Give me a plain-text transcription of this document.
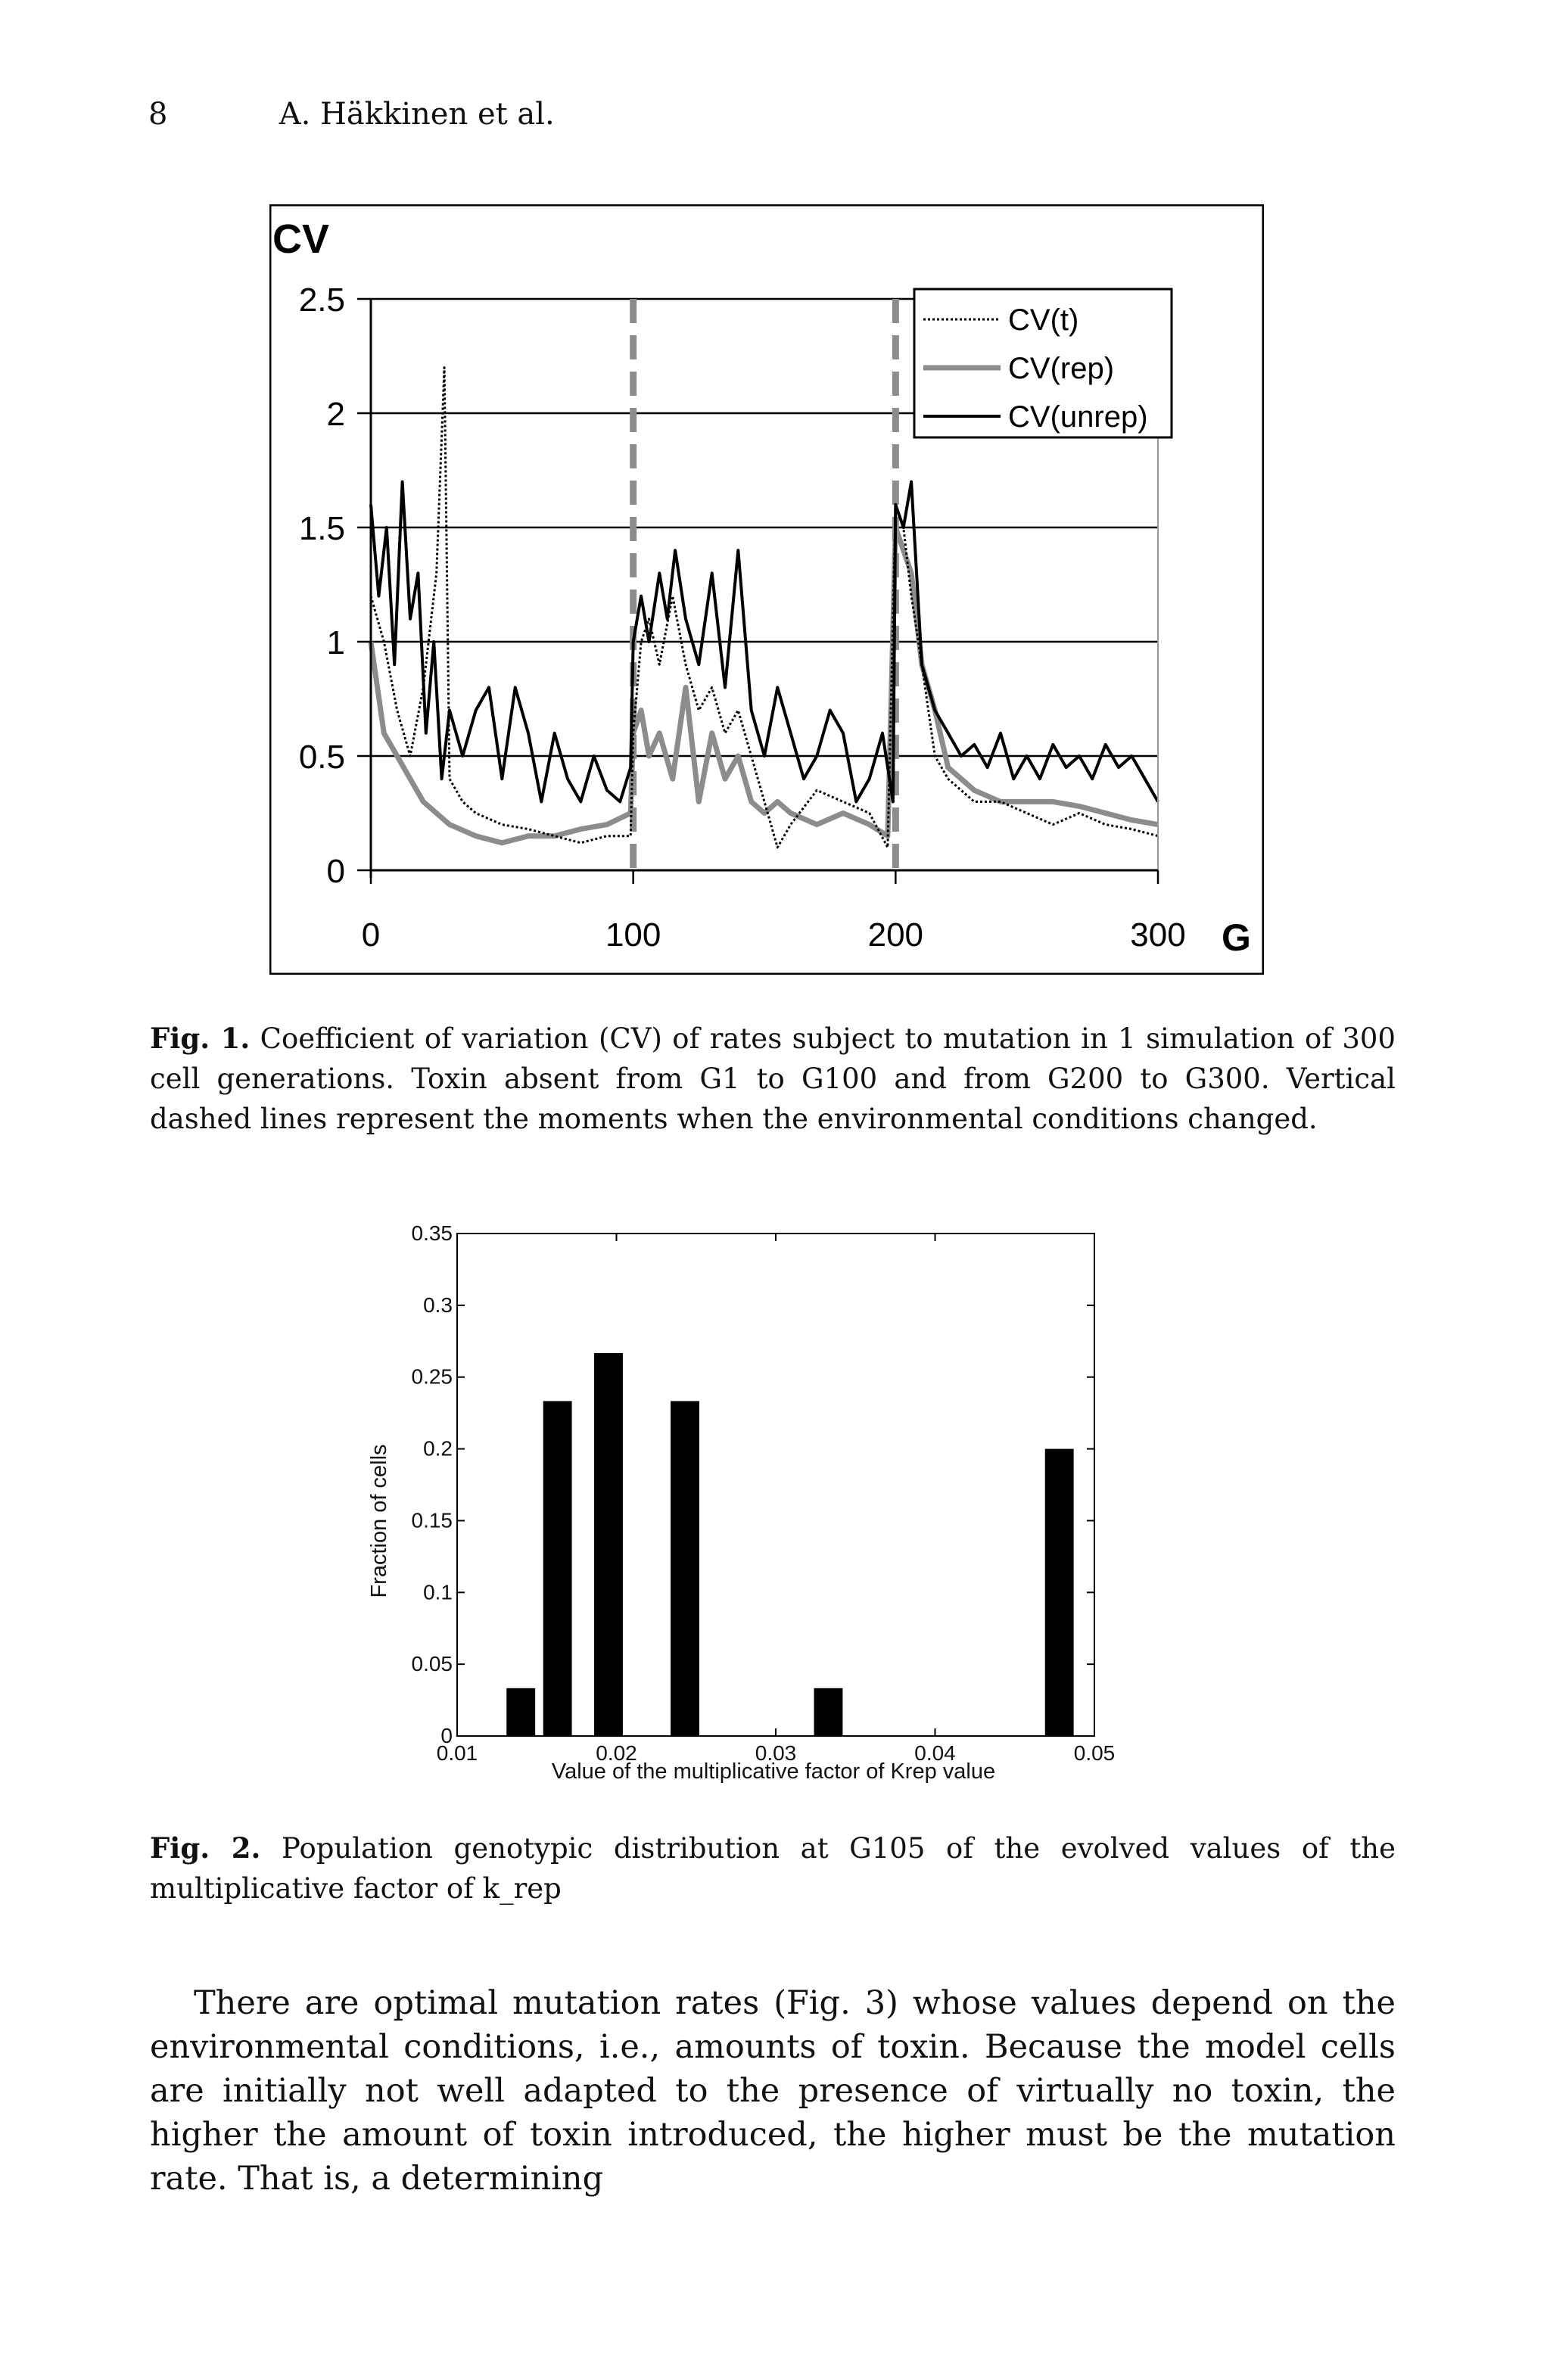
8	A. Häkkinen et al.
0
0.5
1
1.5
2
2.5
0	100	200	300
CV
G
CV(t)
CV(rep)
CV(unrep)
Fig. 1. Coefficient of variation (CV) of rates subject to mutation in 1 simulation of 300 cell generations. Toxin absent from G1 to G100 and from G200 to G300. Vertical dashed lines represent the moments when the environmental conditions changed.
0
0.05
0.1
0.15
0.2
0.25
0.3
0.35
0.01	0.02	0.03	0.04	0.05
Value of the multiplicative factor of Krep value
Fraction of cells
Fig. 2. Population genotypic distribution at G105 of the evolved values of the multiplicative factor of k_rep

There are optimal mutation rates (Fig. 3) whose values depend on the environmental conditions, i.e., amounts of toxin. Because the model cells are initially not well adapted to the presence of virtually no toxin, the higher the amount of toxin introduced, the higher must be the mutation rate. That is, a determining
